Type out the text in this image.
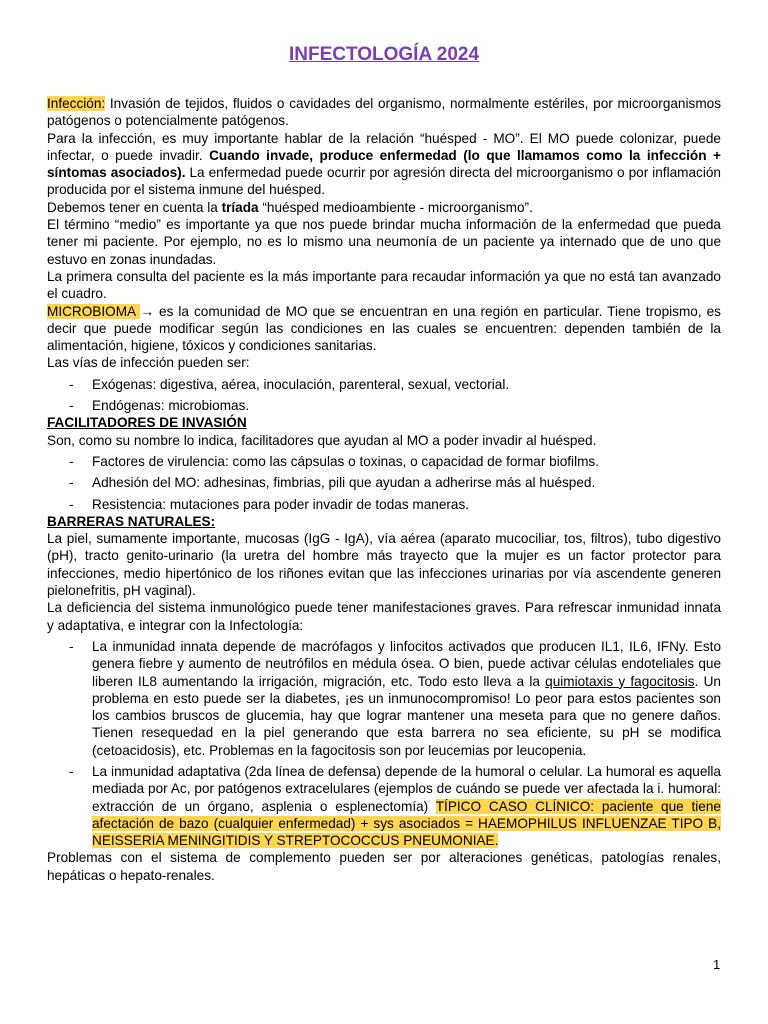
INFECTOLOGÍA 2024

Infección: Invasión de tejidos, fluidos o cavidades del organismo, normalmente estériles, por microorganismos patógenos o potencialmente patógenos.

Para la infección, es muy importante hablar de la relación “huésped - MO”. El MO puede colonizar, puede infectar, o puede invadir. Cuando invade, produce enfermedad (lo que llamamos como la infección + síntomas asociados). La enfermedad puede ocurrir por agresión directa del microorganismo o por inflamación producida por el sistema inmune del huésped.

Debemos tener en cuenta la tríada “huésped medioambiente - microorganismo”.

El término “medio” es importante ya que nos puede brindar mucha información de la enfermedad que pueda tener mi paciente. Por ejemplo, no es lo mismo una neumonía de un paciente ya internado que de uno que estuvo en zonas inundadas.

La primera consulta del paciente es la más importante para recaudar información ya que no está tan avanzado el cuadro.

MICROBIOMA → es la comunidad de MO que se encuentran en una región en particular. Tiene tropismo, es decir que puede modificar según las condiciones en las cuales se encuentren: dependen también de la alimentación, higiene, tóxicos y condiciones sanitarias.

Las vías de infección pueden ser:

- Exógenas: digestiva, aérea, inoculación, parenteral, sexual, vectorial.
- Endógenas: microbiomas.

FACILITADORES DE INVASIÓN

Son, como su nombre lo indica, facilitadores que ayudan al MO a poder invadir al huésped.

- Factores de virulencia: como las cápsulas o toxinas, o capacidad de formar biofilms.
- Adhesión del MO: adhesinas, fimbrias, pili que ayudan a adherirse más al huésped.
- Resistencia: mutaciones para poder invadir de todas maneras.

BARRERAS NATURALES:

La piel, sumamente importante, mucosas (IgG - IgA), vía aérea (aparato mucociliar, tos, filtros), tubo digestivo (pH), tracto genito-urinario (la uretra del hombre más trayecto que la mujer es un factor protector para infecciones, medio hipertónico de los riñones evitan que las infecciones urinarias por vía ascendente generen pielonefritis, pH vaginal).

La deficiencia del sistema inmunológico puede tener manifestaciones graves. Para refrescar inmunidad innata y adaptativa, e integrar con la Infectología:

- La inmunidad innata depende de macrófagos y linfocitos activados que producen IL1, IL6, IFNy. Esto genera fiebre y aumento de neutrófilos en médula ósea. O bien, puede activar células endoteliales que liberen IL8 aumentando la irrigación, migración, etc. Todo esto lleva a la quimiotaxis y fagocitosis. Un problema en esto puede ser la diabetes, ¡es un inmunocompromiso! Lo peor para estos pacientes son los cambios bruscos de glucemia, hay que lograr mantener una meseta para que no genere daños. Tienen resequedad en la piel generando que esta barrera no sea eficiente, su pH se modifica (cetoacidosis), etc. Problemas en la fagocitosis son por leucemias por leucopenia.
- La inmunidad adaptativa (2da línea de defensa) depende de la humoral o celular. La humoral es aquella mediada por Ac, por patógenos extracelulares (ejemplos de cuándo se puede ver afectada la i. humoral: extracción de un órgano, asplenia o esplenectomía) TÍPICO CASO CLÍNICO: paciente que tiene afectación de bazo (cualquier enfermedad) + sys asociados = HAEMOPHILUS INFLUENZAE TIPO B, NEISSERIA MENINGITIDIS Y STREPTOCOCCUS PNEUMONIAE.

Problemas con el sistema de complemento pueden ser por alteraciones genéticas, patologías renales, hepáticas o hepato-renales.

1
